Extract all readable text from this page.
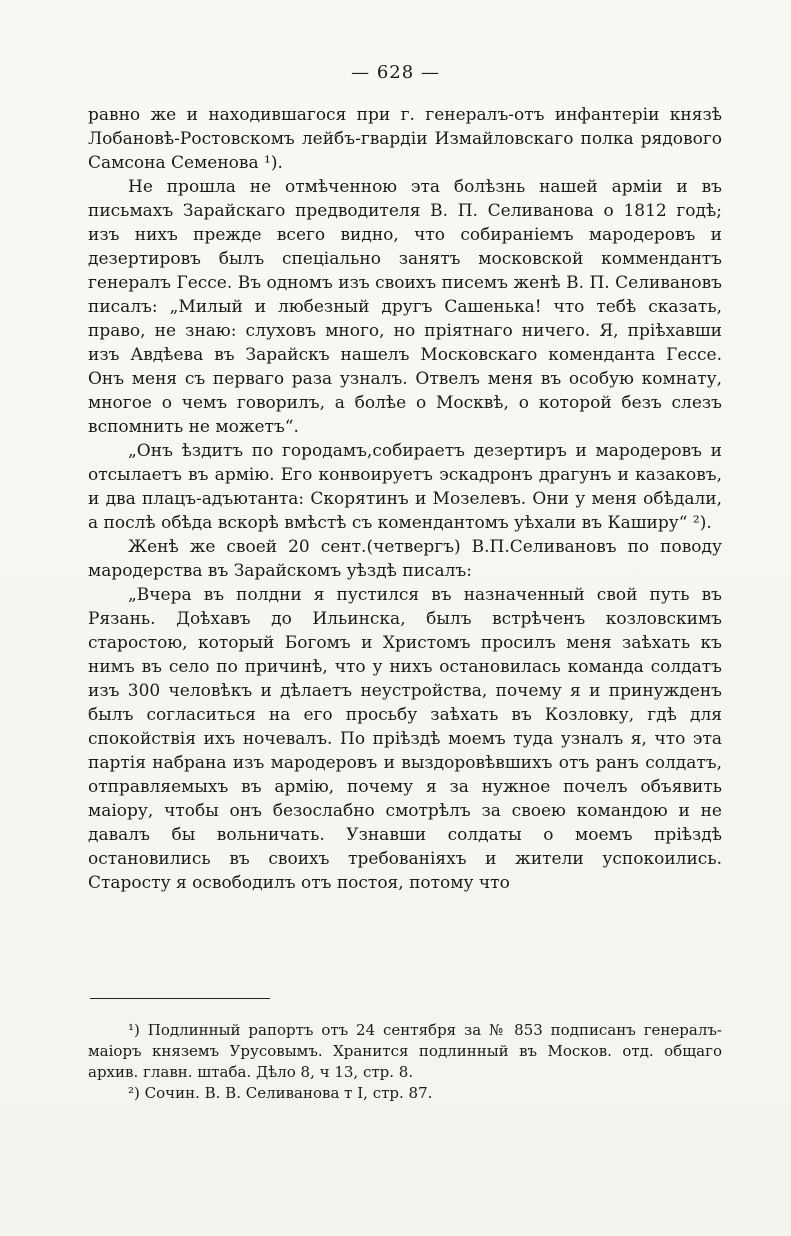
— 628 —

равно же и находившагося при г. генералъ-отъ инфантеріи князѣ Лобановѣ-Ростовскомъ лейбъ-гвардіи Измайловскаго полка рядового Самсона Семенова ¹).

Не прошла не отмѣченною эта болѣзнь нашей арміи и въ письмахъ Зарайскаго предводителя В. П. Селиванова о 1812 годѣ; изъ нихъ прежде всего видно, что собираніемъ мародеровъ и дезертировъ былъ спеціально занятъ московской коммендантъ генералъ Гессе. Въ одномъ изъ своихъ писемъ женѣ В. П. Селивановъ писалъ: „Милый и любезный другъ Сашенька! что тебѣ сказать, право, не знаю: слуховъ много, но пріятнаго ничего. Я, пріѣхавши изъ Авдѣева въ Зарайскъ нашелъ Московскаго коменданта Гессе. Онъ меня съ перваго раза узналъ. Отвелъ меня въ особую комнату, многое о чемъ говорилъ, а болѣе о Москвѣ, о которой безъ слезъ вспомнить не можетъ“.

„Онъ ѣздитъ по городамъ,собираетъ дезертиръ и мародеровъ и отсылаетъ въ армію. Его конвоируетъ эскадронъ драгунъ и казаковъ, и два плацъ-адъютанта: Скорятинъ и Мозелевъ. Они у меня обѣдали, а послѣ обѣда вскорѣ вмѣстѣ съ комендантомъ уѣхали въ Каширу“ ²).

Женѣ же своей 20 сент.(четвергъ) В.П.Селивановъ по поводу мародерства въ Зарайскомъ уѣздѣ писалъ:

„Вчера въ полдни я пустился въ назначенный свой путь въ Рязань. Доѣхавъ до Ильинска, былъ встрѣченъ козловскимъ старостою, который Богомъ и Христомъ просилъ меня заѣхать къ нимъ въ село по причинѣ, что у нихъ остановилась команда солдатъ изъ 300 человѣкъ и дѣлаетъ неустройства, почему я и принужденъ былъ согласиться на его просьбу заѣхать въ Козловку, гдѣ для спокойствія ихъ ночевалъ. По пріѣздѣ моемъ туда узналъ я, что эта партія набрана изъ мародеровъ и выздоровѣвшихъ отъ ранъ солдатъ, отправляемыхъ въ армію, почему я за нужное почелъ объявить маіору, чтобы онъ безослабно смотрѣлъ за своею командою и не давалъ бы вольничать. Узнавши солдаты о моемъ пріѣздѣ остановились въ своихъ требованіяхъ и жители успокоились. Старосту я освободилъ отъ постоя, потому что

¹) Подлинный рапортъ отъ 24 сентября за № 853 подписанъ генералъ-маіоръ княземъ Урусовымъ. Хранится подлинный въ Москов. отд. общаго архив. главн. штаба. Дѣло 8, ч 13, стр. 8.

²) Сочин. В. В. Селиванова т I, стр. 87.
